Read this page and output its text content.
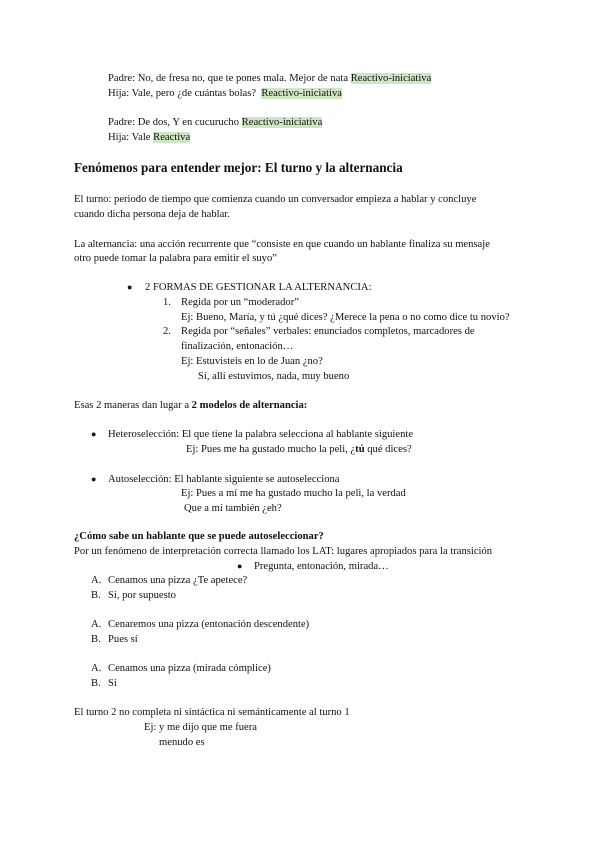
Padre: No, de fresa no, que te pones mala. Mejor de nata Reactivo-iniciativa
Hija: Vale, pero ¿de cuántas bolas? Reactivo-iniciativa
Padre: De dos, Y en cucurucho Reactivo-iniciativa
Hija: Vale Reactiva
Fenómenos para entender mejor: El turno y la alternancia
El turno: periodo de tiempo que comienza cuando un conversador empieza a hablar y concluye
cuando dicha persona deja de hablar.
La alternancia: una acción recurrente que “consiste en que cuando un hablante finaliza su mensaje
otro puede tomar la palabra para emitir el suyo”
● 2 FORMAS DE GESTIONAR LA ALTERNANCIA:
1. Regida por un “moderador”
Ej: Bueno, María, y tú ¿qué dices? ¿Merece la pena o no como dice tu novio?
2. Regida por “señales” verbales: enunciados completos, marcadores de
finalización, entonación…
Ej: Estuvisteis en lo de Juan ¿no?
Sí, allí estuvimos, nada, muy bueno
Esas 2 maneras dan lugar a 2 modelos de alternancia:
● Heteroselección: El que tiene la palabra selecciona al hablante siguiente
Ej: Pues me ha gustado mucho la peli, ¿tú qué dices?
● Autoselección: El hablante siguiente se autoselecciona
Ej: Pues a mí me ha gustado mucho la peli, la verdad
Que a mí también ¿eh?
¿Cómo sabe un hablante que se puede autoseleccionar?
Por un fenómeno de interpretación correcta llamado los LAT: lugares apropiados para la transición
● Pregunta, entonación, mirada…
A. Cenamos una pizza ¿Te apetece?
B. Sí, por supuesto
A. Cenaremos una pizza (entonación descendente)
B. Pues sí
A. Cenamos una pizza (mirada cómplice)
B. Sí
El turno 2 no completa ni sintáctica ni semánticamente al turno 1
Ej: y me dijo que me fuera
menudo es
